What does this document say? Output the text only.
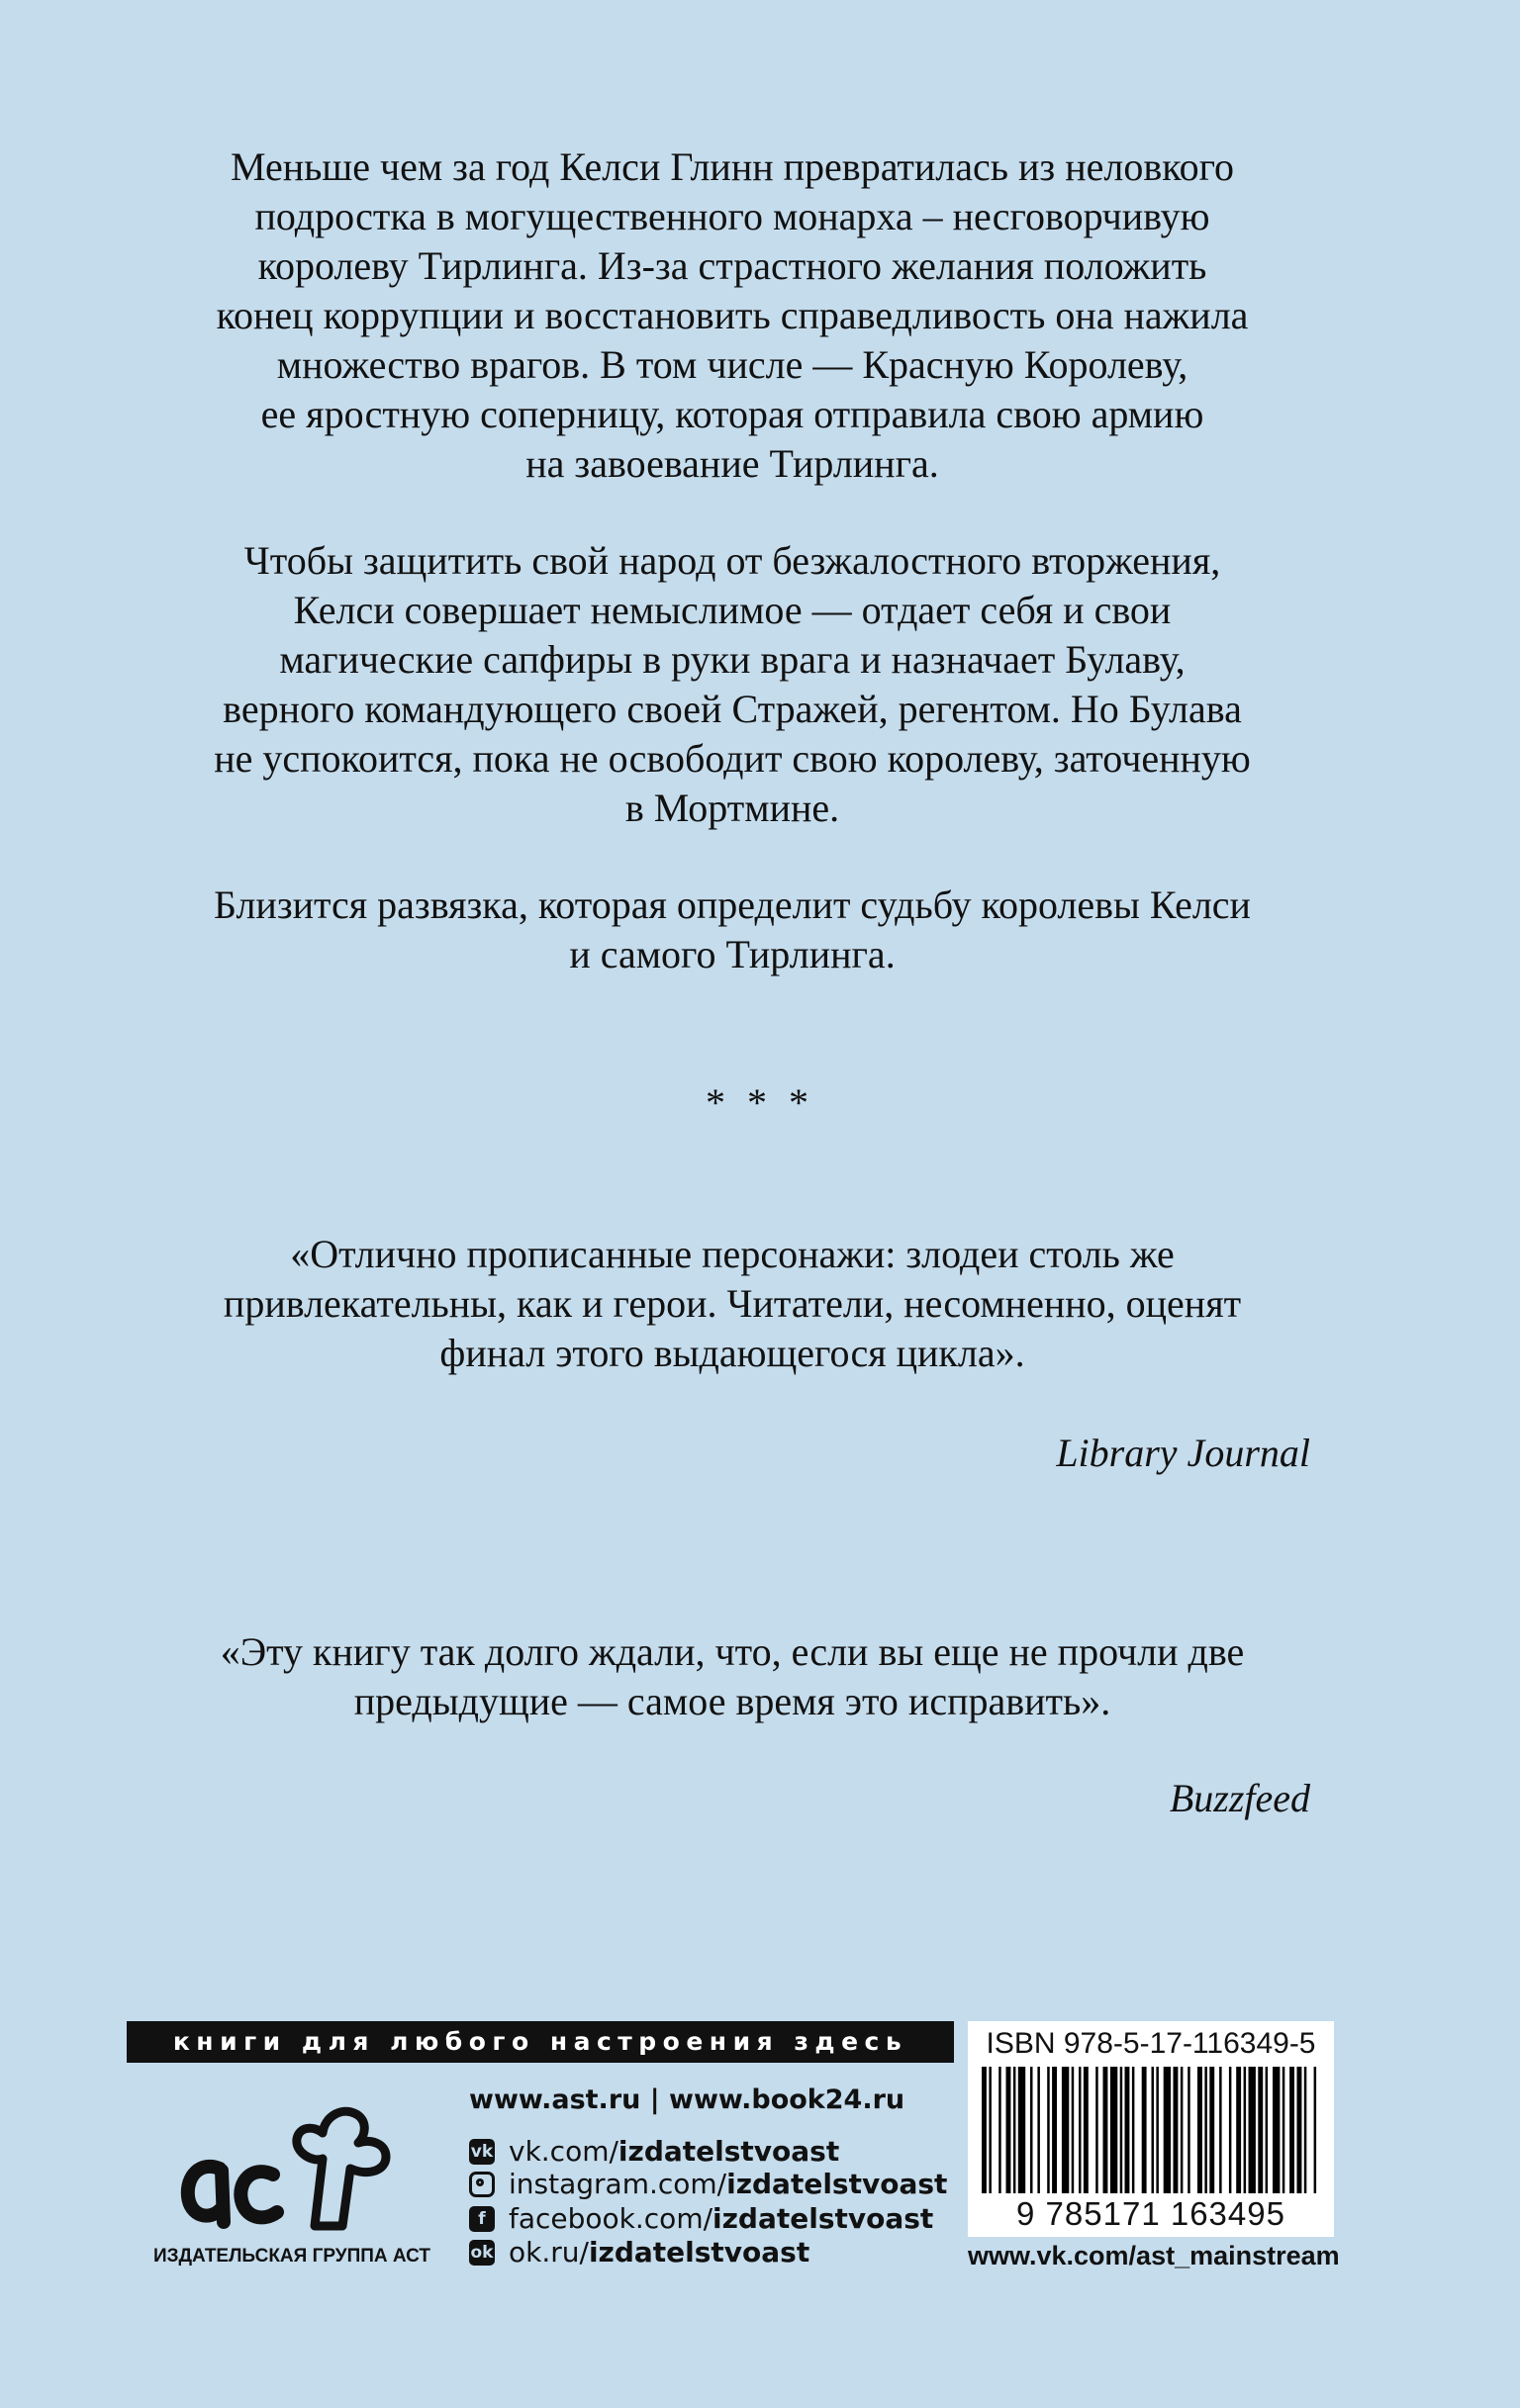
Меньше чем за год Келси Глинн превратилась из неловкого
подростка в могущественного монарха – несговорчивую
королеву Тирлинга. Из-за страстного желания положить
конец коррупции и восстановить справедливость она нажила
множество врагов. В том числе — Красную Королеву,
ее яростную соперницу, которая отправила свою армию
на завоевание Тирлинга.
Чтобы защитить свой народ от безжалостного вторжения,
Келси совершает немыслимое — отдает себя и свои
магические сапфиры в руки врага и назначает Булаву,
верного командующего своей Стражей, регентом. Но Булава
не успокоится, пока не освободит свою королеву, заточенную
в Мортмине.
Близится развязка, которая определит судьбу королевы Келси
и самого Тирлинга.
* * *
«Отлично прописанные персонажи: злодеи столь же
привлекательны, как и герои. Читатели, несомненно, оценят
финал этого выдающегося цикла».
Library Journal
«Эту книгу так долго ждали, что, если вы еще не прочли две
предыдущие — самое время это исправить».
Buzzfeed
книги для любого настроения здесь
ИЗДАТЕЛЬСКАЯ ГРУППА АСТ
www.ast.ru | www.book24.ru
vk vk.com/ izdatelstvoast
instagram.com/ izdatelstvoast
f facebook.com/ izdatelstvoast
ok ok.ru/ izdatelstvoast
ISBN 978-5-17-116349-5
9 785171 163495
www.vk.com/ast_mainstream
